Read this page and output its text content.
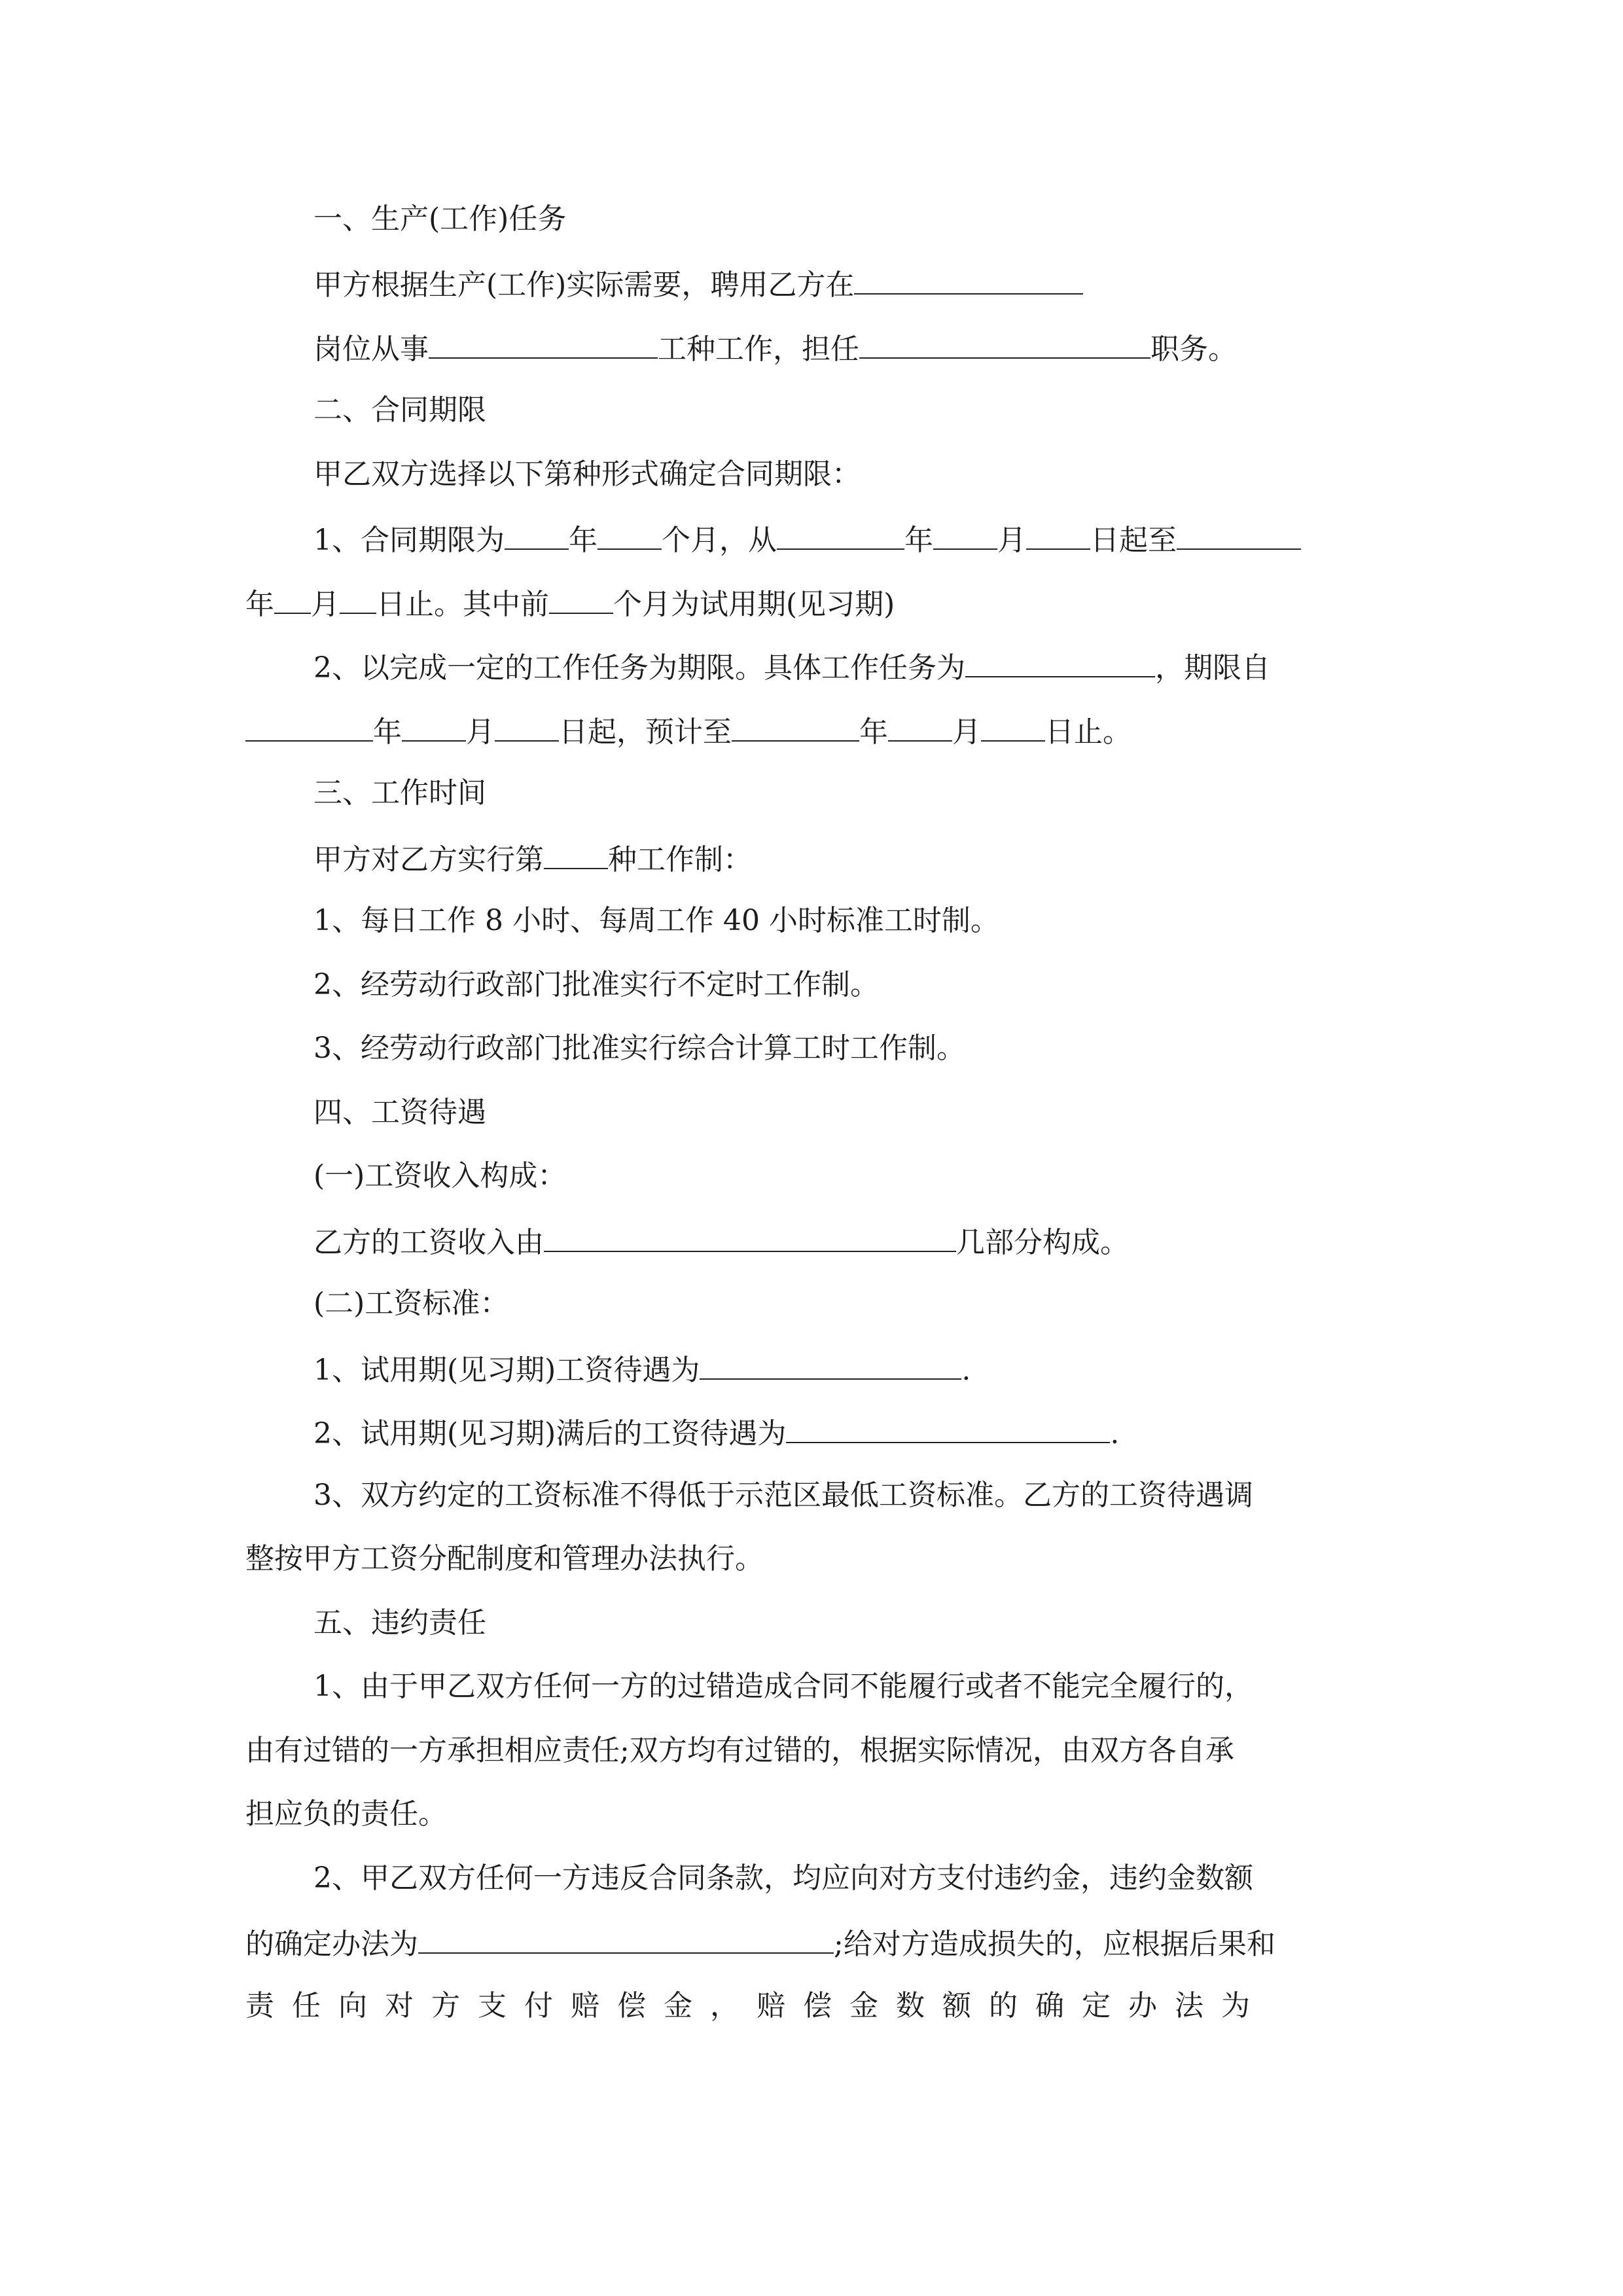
一、生产(工作)任务
甲方根据生产(工作)实际需要，聘用乙方在
岗位从事	工种工作，担任	职务。
二、合同期限
甲乙双方选择以下第种形式确定合同期限：
1、合同期限为 年 个月，从	年 月 日起至
年 月 日止。其中前 个月为试用期(见习期)
2、以完成一定的工作任务为期限。具体工作任务为	，期限自
年 月 日起，预计至	年 月 日止。
三、工作时间
甲方对乙方实行第 种工作制：
1、每日工作 8 小时、每周工作 40 小时标准工时制。
2、经劳动行政部门批准实行不定时工作制。
3、经劳动行政部门批准实行综合计算工时工作制。
四、工资待遇
(一)工资收入构成：
乙方的工资收入由	几部分构成。
(二)工资标准：
1、试用期(见习期)工资待遇为	.
2、试用期(见习期)满后的工资待遇为	.
3、双方约定的工资标准不得低于示范区最低工资标准。乙方的工资待遇调
整按甲方工资分配制度和管理办法执行。
五、违约责任
1、由于甲乙双方任何一方的过错造成合同不能履行或者不能完全履行的，
由有过错的一方承担相应责任;双方均有过错的，根据实际情况，由双方各自承
担应负的责任。
2、甲乙双方任何一方违反合同条款，均应向对方支付违约金，违约金数额
的确定办法为	;给对方造成损失的，应根据后果和
责任向对方支付赔偿金，赔偿金数额的确定办法为
